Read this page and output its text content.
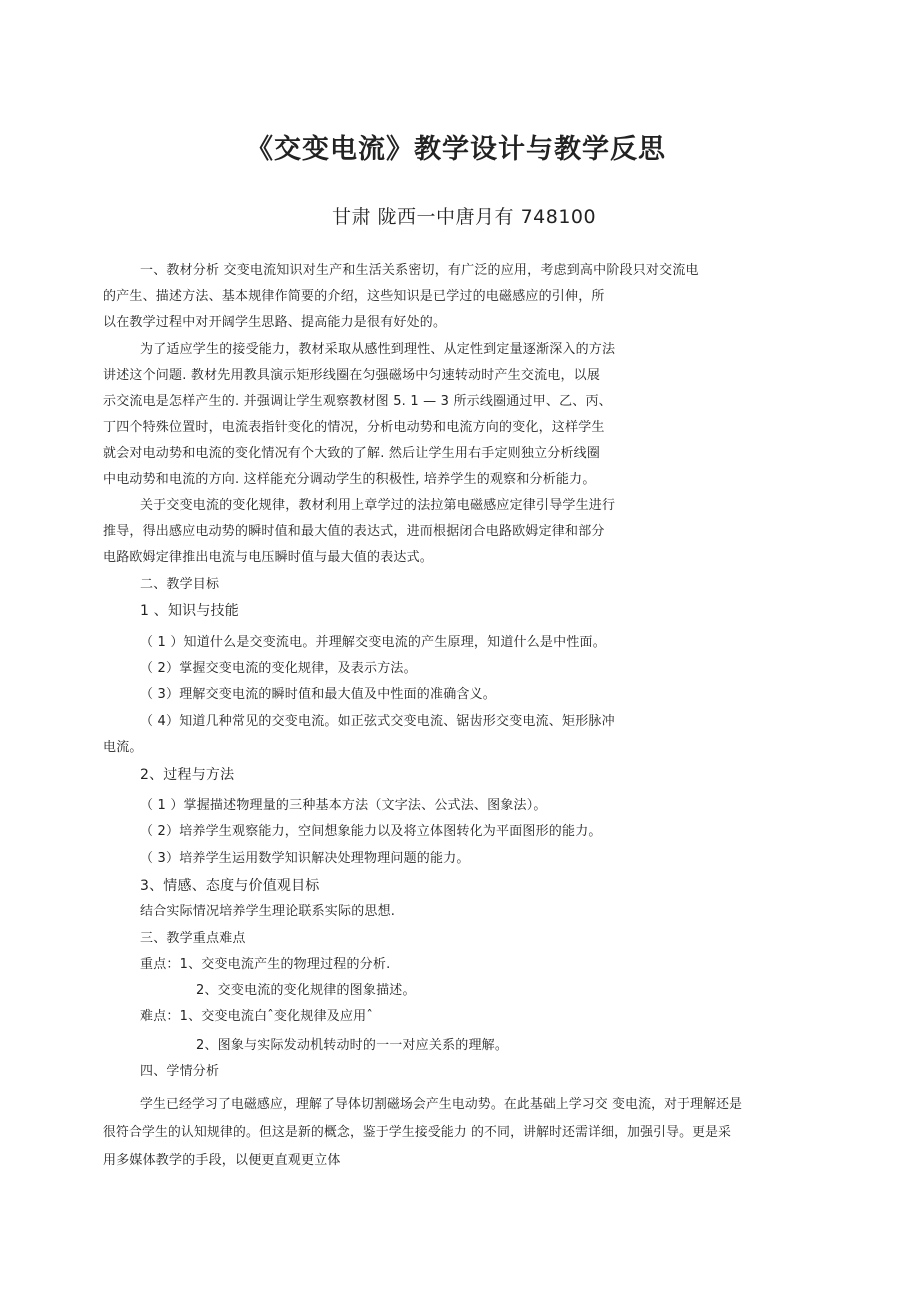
《交变电流》教学设计与教学反思

甘肃 陇西一中唐月有 748100

一、教材分析 交变电流知识对生产和生活关系密切，有广泛的应用，考虑到高中阶段只对交流电

的产生、描述方法、基本规律作简要的介绍，这些知识是已学过的电磁感应的引伸，所

以在教学过程中对开阔学生思路、提高能力是很有好处的。

为了适应学生的接受能力，教材采取从感性到理性、从定性到定量逐渐深入的方法

讲述这个问题. 教材先用教具演示矩形线圈在匀强磁场中匀速转动时产生交流电，以展

示交流电是怎样产生的. 并强调让学生观察教材图 5. 1 — 3 所示线圈通过甲、乙、丙、

丁四个特殊位置时，电流表指针变化的情况，分析电动势和电流方向的变化，这样学生

就会对电动势和电流的变化情况有个大致的了解. 然后让学生用右手定则独立分析线圈

中电动势和电流的方向. 这样能充分调动学生的积极性, 培养学生的观察和分析能力。

关于交变电流的变化规律，教材利用上章学过的法拉第电磁感应定律引导学生进行

推导，得出感应电动势的瞬时值和最大值的表达式，进而根据闭合电路欧姆定律和部分

电路欧姆定律推出电流与电压瞬时值与最大值的表达式。

二、教学目标

1 、知识与技能

（ 1 ）知道什么是交变流电。并理解交变电流的产生原理，知道什么是中性面。

（ 2）掌握交变电流的变化规律，及表示方法。

（ 3）理解交变电流的瞬时值和最大值及中性面的准确含义。

（ 4）知道几种常见的交变电流。如正弦式交变电流、锯齿形交变电流、矩形脉冲

电流。

2、过程与方法

（ 1 ）掌握描述物理量的三种基本方法（文字法、公式法、图象法）。

（ 2）培养学生观察能力，空间想象能力以及将立体图转化为平面图形的能力。

（ 3）培养学生运用数学知识解决处理物理问题的能力。

3、情感、态度与价值观目标

结合实际情况培养学生理论联系实际的思想.

三、教学重点难点

重点：1、交变电流产生的物理过程的分析.

2、交变电流的变化规律的图象描述。

难点：1、交变电流白ˆ变化规律及应用ˆ

2、图象与实际发动机转动时的一一对应关系的理解。

四、学情分析

学生已经学习了电磁感应，理解了导体切割磁场会产生电动势。在此基础上学习交 变电流，对于理解还是

很符合学生的认知规律的。但这是新的概念，鉴于学生接受能力 的不同，讲解时还需详细，加强引导。更是采

用多媒体教学的手段，以便更直观更立体
